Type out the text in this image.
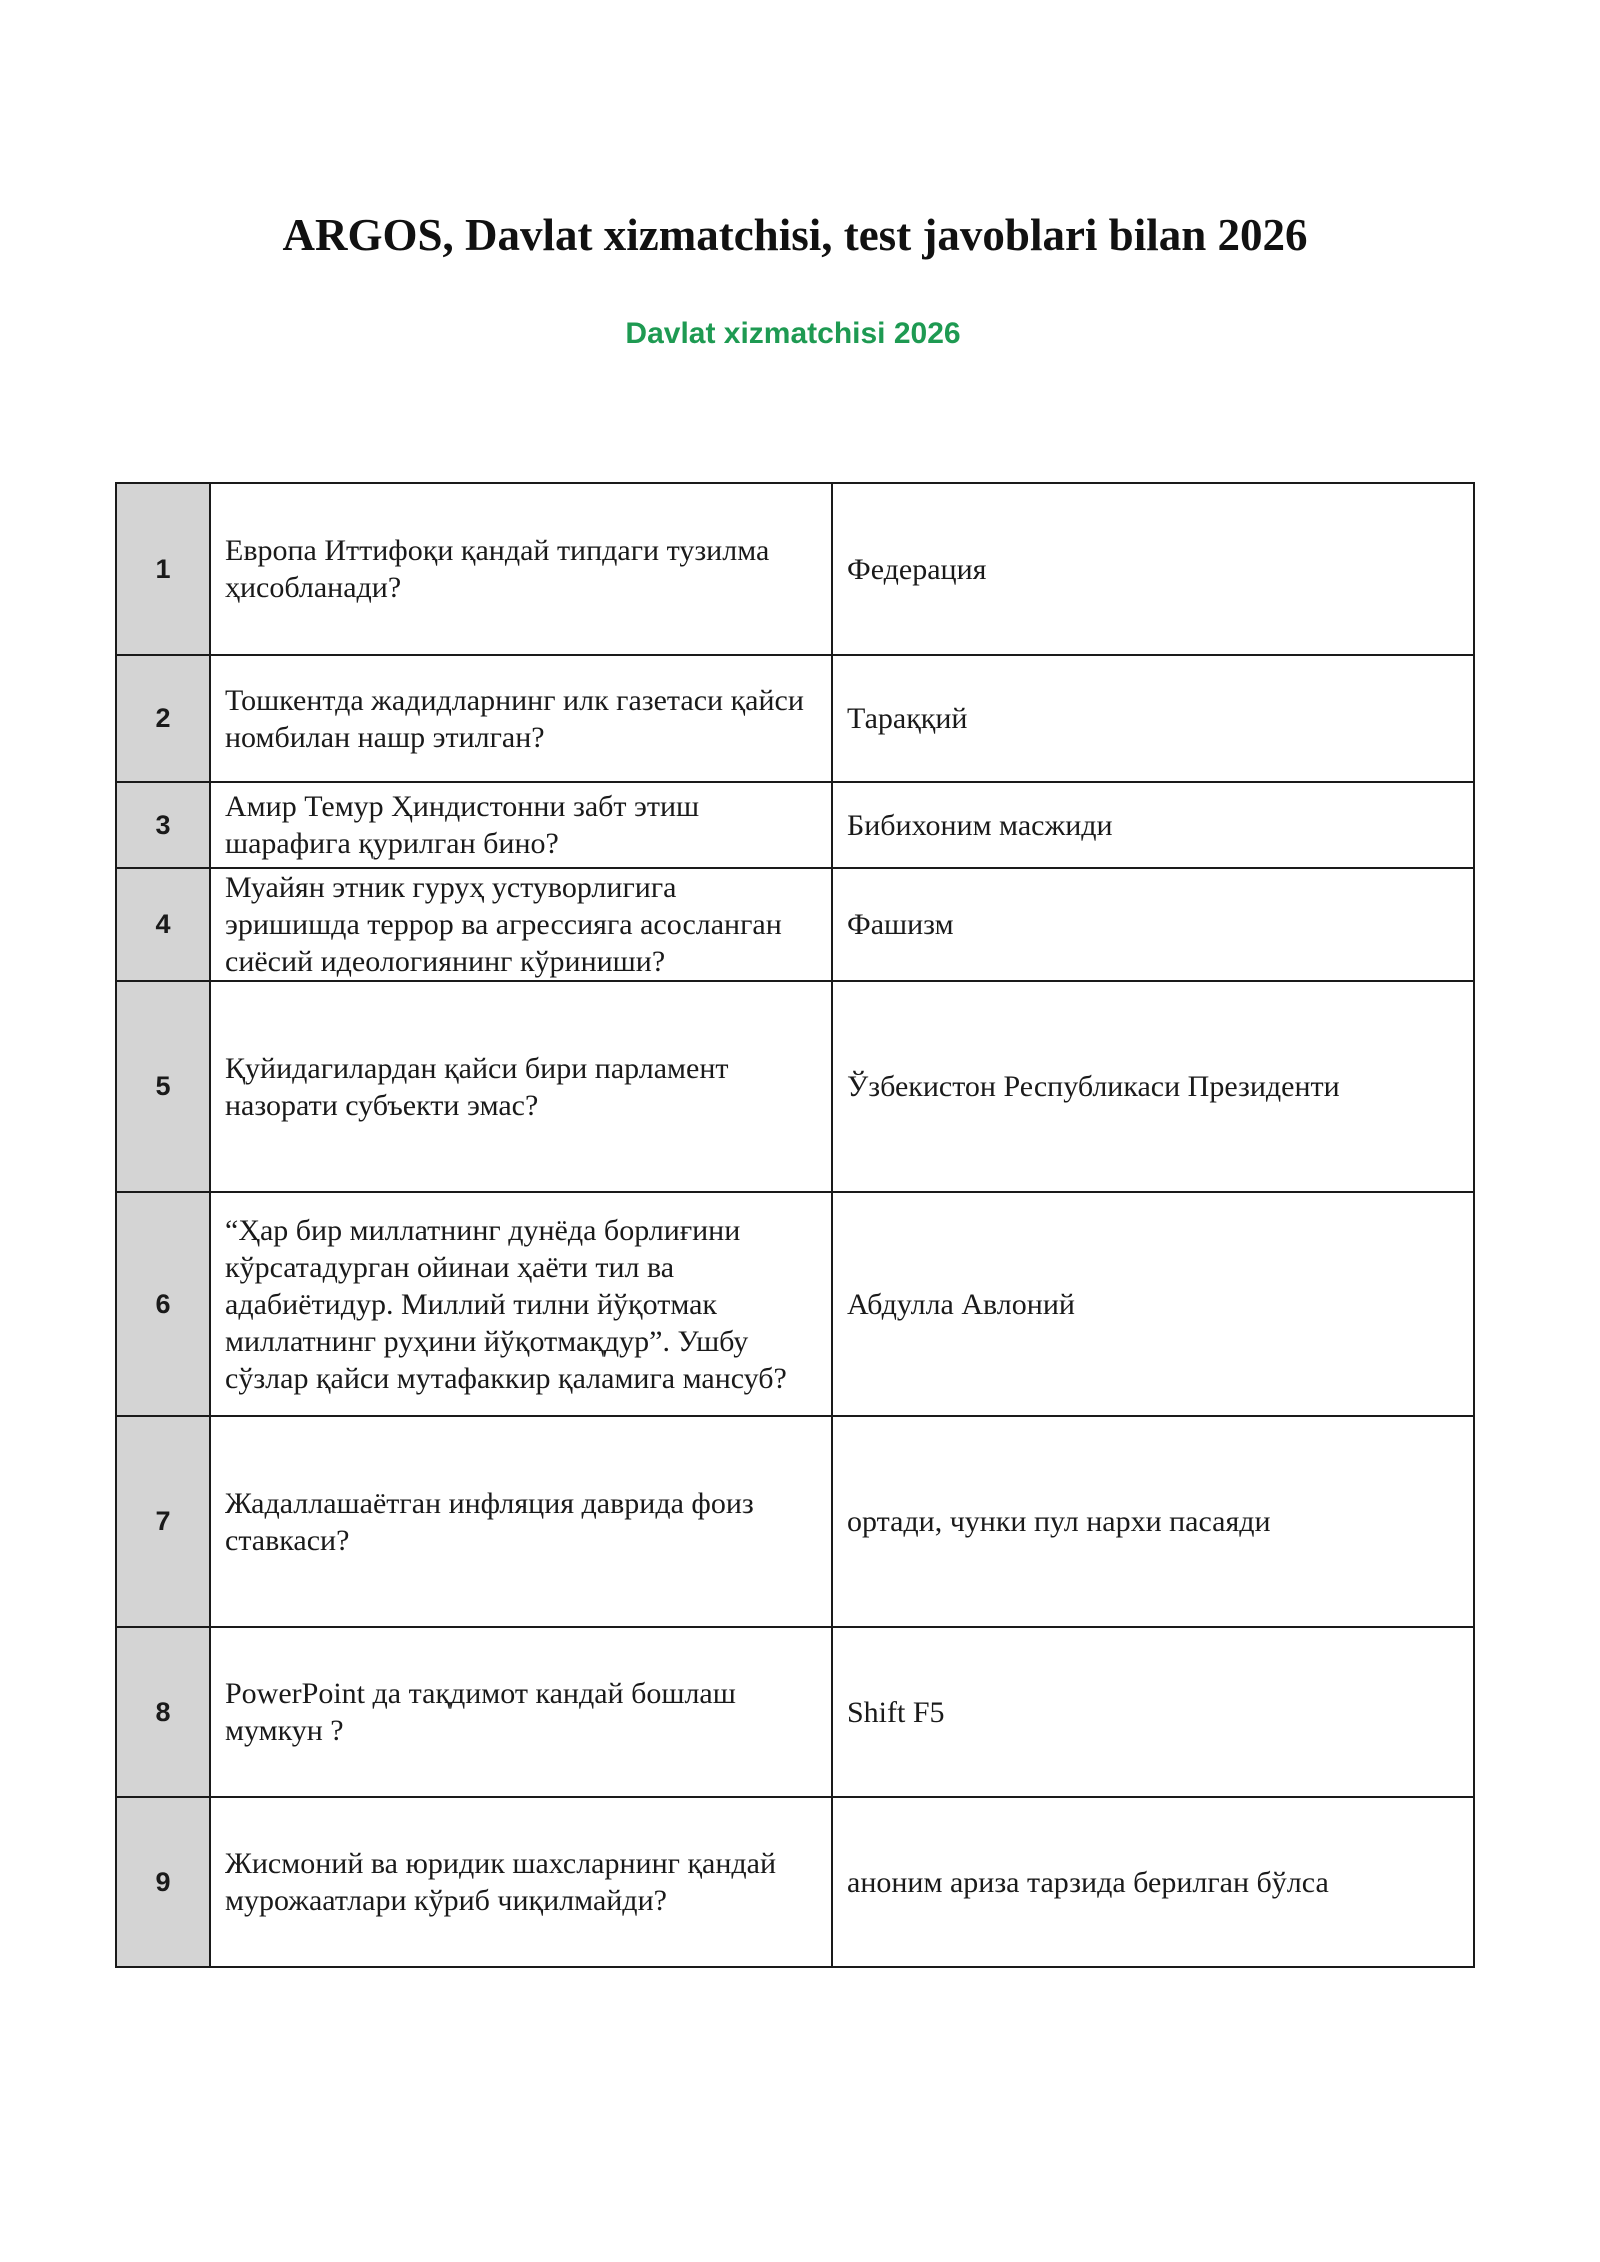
ARGOS, Davlat xizmatchisi, test javoblari bilan 2026
Davlat xizmatchisi 2026
1	Европа Иттифоқи қандай типдаги тузилма ҳисобланади?	Федерация
2	Тошкентда жадидларнинг илк газетаси қайси номбилан нашр этилган?	Тараққий
3	Амир Темур Ҳиндистонни забт этиш шарафига қурилган бино?	Бибихоним масжиди
4	Муайян этник гуруҳ устуворлигига эришишда террор ва агрессияга асосланган сиёсий идеологиянинг кўриниши?	Фашизм
5	Қуйидагилардан қайси бири парламент назорати субъекти эмас?	Ўзбекистон Республикаси Президенти
6	“Ҳар бир миллатнинг дунёда борлиғини кўрсатадурган ойинаи ҳаёти тил ва адабиётидур. Миллий тилни йўқотмак миллатнинг руҳини йўқотмақдур”. Ушбу сўзлар қайси мутафаккир қаламига мансуб?	Абдулла Авлоний
7	Жадаллашаётган инфляция даврида фоиз ставкаси?	ортади, чунки пул нархи пасаяди
8	PowerPoint да тақдимот кандай бошлаш мумкун ?	Shift F5
9	Жисмоний ва юридик шахсларнинг қандай мурожаатлари кўриб чиқилмайди?	аноним ариза тарзида берилган бўлса
